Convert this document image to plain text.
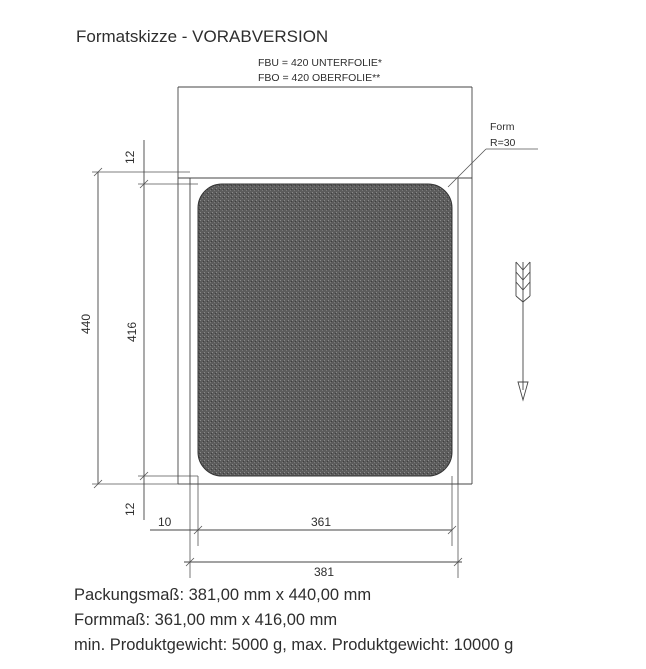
Formatskizze - VORABVERSION
FBU = 420 UNTERFOLIE*
FBO = 420 OBERFOLIE**
Form
R=30
12
440	416
12
10	361
381
Packungsmaß: 381,00 mm x 440,00 mm
Formmaß: 361,00 mm x 416,00 mm
min. Produktgewicht: 5000 g, max. Produktgewicht: 10000 g
